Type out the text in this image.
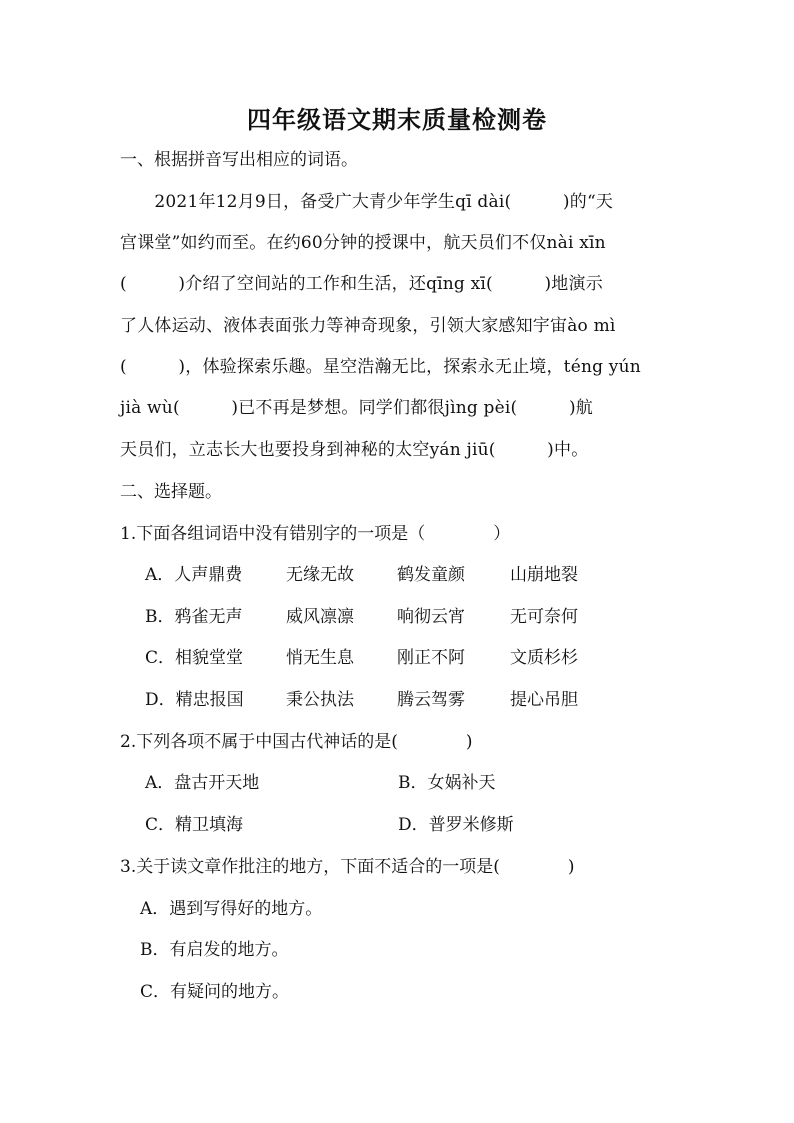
四年级语文期末质量检测卷
一、根据拼音写出相应的词语。
　　2021年12月9日，备受广大青少年学生qī dài(　　　)的“天
宫课堂”如约而至。在约60分钟的授课中，航天员们不仅nài xīn
(　　　)介绍了空间站的工作和生活，还qīng xī(　　　)地演示
了人体运动、液体表面张力等神奇现象，引领大家感知宇宙ào mì
(　　　)，体验探索乐趣。星空浩瀚无比，探索永无止境，téng yún
jià wù(　　　)已不再是梦想。同学们都很jìng pèi(　　　)航
天员们，立志长大也要投身到神秘的太空yán jiū(　　　)中。
二、选择题。
1.下面各组词语中没有错别字的一项是（　　　　）
A．人声鼎费	无缘无故	鹤发童颜	山崩地裂
B．鸦雀无声	威风凛凛	响彻云宵	无可奈何
C．相貌堂堂	悄无生息	刚正不阿	文质杉杉
D．精忠报国 秉公执法	腾云驾雾	提心吊胆
2.下列各项不属于中国古代神话的是(　　　　)
A．盘古开天地	B．女娲补天
C．精卫填海	D．普罗米修斯
3.关于读文章作批注的地方，下面不适合的一项是(　　　　)
A．遇到写得好的地方。
B．有启发的地方。
C．有疑问的地方。
